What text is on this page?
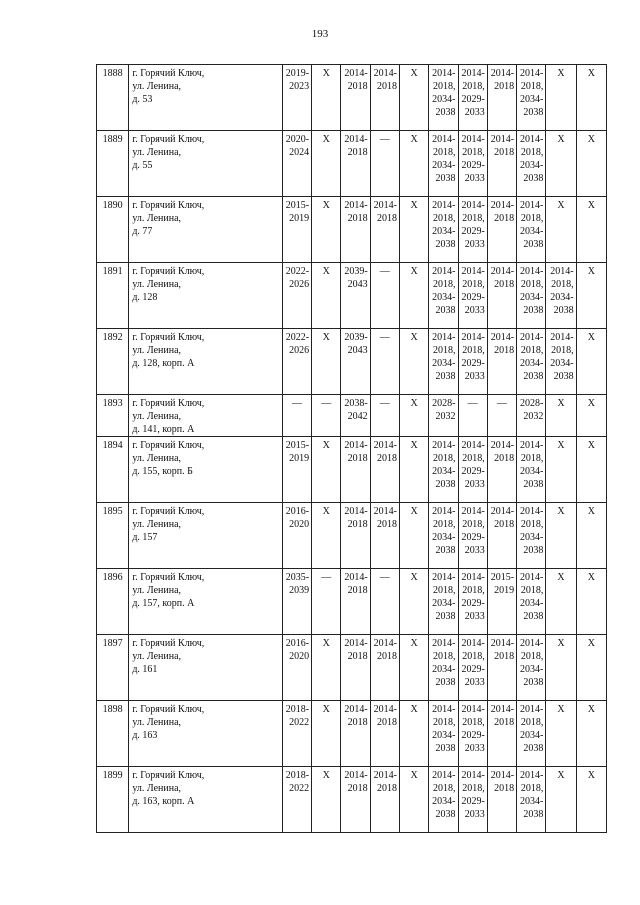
193
1888	г. Горячий Ключ,
ул. Ленина,
д. 53	2019-
2023	X	2014-
2018	2014-
2018	X	2014-
2018,
2034-
2038	2014-
2018,
2029-
2033	2014-
2018	2014-
2018,
2034-
2038	X	X

1889	г. Горячий Ключ,
ул. Ленина,
д. 55	2020-
2024	X	2014-
2018	—	X	2014-
2018,
2034-
2038	2014-
2018,
2029-
2033	2014-
2018	2014-
2018,
2034-
2038	X	X

1890	г. Горячий Ключ,
ул. Ленина,
д. 77	2015-
2019	X	2014-
2018	2014-
2018	X	2014-
2018,
2034-
2038	2014-
2018,
2029-
2033	2014-
2018	2014-
2018,
2034-
2038	X	X

1891	г. Горячий Ключ,
ул. Ленина,
д. 128	2022-
2026	X	2039-
2043	—	X	2014-
2018,
2034-
2038	2014-
2018,
2029-
2033	2014-
2018	2014-
2018,
2034-
2038	2014-
2018,
2034-
2038	X

1892	г. Горячий Ключ,
ул. Ленина,
д. 128, корп. А	2022-
2026	X	2039-
2043	—	X	2014-
2018,
2034-
2038	2014-
2018,
2029-
2033	2014-
2018	2014-
2018,
2034-
2038	2014-
2018,
2034-
2038	X

1893	г. Горячий Ключ,
ул. Ленина,
д. 141, корп. А	—	—	2038-
2042	—	X	2028-
2032	—	—	2028-
2032	X	X

1894	г. Горячий Ключ,
ул. Ленина,
д. 155, корп. Б	2015-
2019	X	2014-
2018	2014-
2018	X	2014-
2018,
2034-
2038	2014-
2018,
2029-
2033	2014-
2018	2014-
2018,
2034-
2038	X	X

1895	г. Горячий Ключ,
ул. Ленина,
д. 157	2016-
2020	X	2014-
2018	2014-
2018	X	2014-
2018,
2034-
2038	2014-
2018,
2029-
2033	2014-
2018	2014-
2018,
2034-
2038	X	X

1896	г. Горячий Ключ,
ул. Ленина,
д. 157, корп. А	2035-
2039	—	2014-
2018	—	X	2014-
2018,
2034-
2038	2014-
2018,
2029-
2033	2015-
2019	2014-
2018,
2034-
2038	X	X

1897	г. Горячий Ключ,
ул. Ленина,
д. 161	2016-
2020	X	2014-
2018	2014-
2018	X	2014-
2018,
2034-
2038	2014-
2018,
2029-
2033	2014-
2018	2014-
2018,
2034-
2038	X	X

1898	г. Горячий Ключ,
ул. Ленина,
д. 163	2018-
2022	X	2014-
2018	2014-
2018	X	2014-
2018,
2034-
2038	2014-
2018,
2029-
2033	2014-
2018	2014-
2018,
2034-
2038	X	X

1899	г. Горячий Ключ,
ул. Ленина,
д. 163, корп. А	2018-
2022	X	2014-
2018	2014-
2018	X	2014-
2018,
2034-
2038	2014-
2018,
2029-
2033	2014-
2018	2014-
2018,
2034-
2038	X	X
